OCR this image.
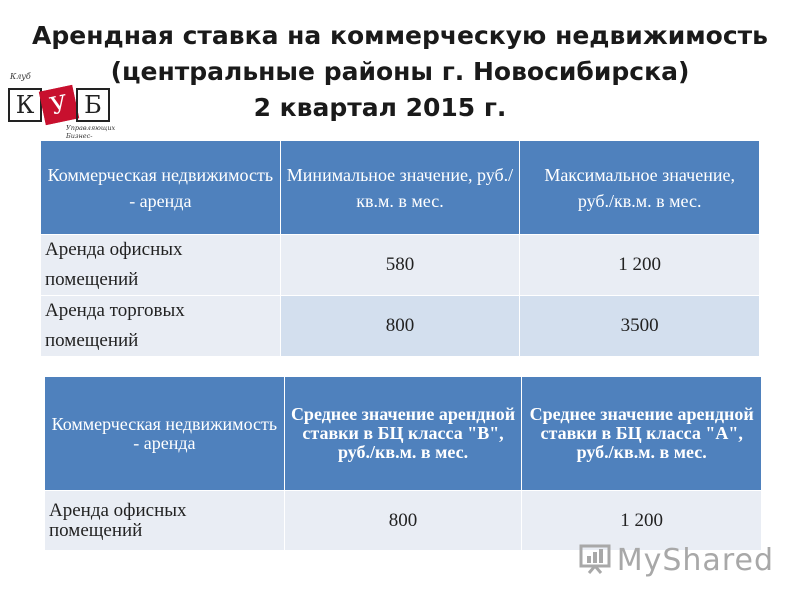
Арендная ставка на коммерческую недвижимость
(центральные районы г. Новосибирска)
2 квартал 2015 г.
Клуб
К У Б
Управляющих Бизнес-
Коммерческая недвижимость - аренда	Минимальное значение, руб./кв.м. в мес.	Максимальное значение, руб./кв.м. в мес.
Аренда офисных помещений	580	1 200
Аренда торговых помещений	800	3500
Коммерческая недвижимость - аренда	Среднее значение арендной ставки в БЦ класса "В", руб./кв.м. в мес.	Среднее значение арендной ставки в БЦ класса "А", руб./кв.м. в мес.
Аренда офисных помещений	800	1 200
MyShared
